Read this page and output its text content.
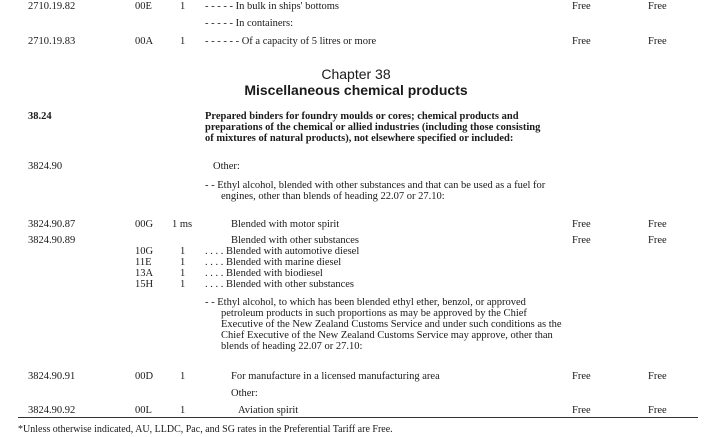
2710.19.82	00E	1 - - - - - In bulk in ships' bottoms	Free	Free
- - - - - In containers:
2710.19.83	00A	1 - - - - - - Of a capacity of 5 litres or more	Free	Free
Chapter 38
Miscellaneous chemical products
38.24	Prepared binders for foundry moulds or cores; chemical products and preparations of the chemical or allied industries (including those consisting of mixtures of natural products), not elsewhere specified or included:
3824.90	Other:
- - Ethyl alcohol, blended with other substances and that can be used as a fuel for engines, other than blends of heading 22.07 or 27.10:
3824.90.87	00G 1 ms	Blended with motor spirit	Free	Free
3824.90.89	Blended with other substances	Free	Free
10G	1 . . . . Blended with automotive diesel
11E	1 . . . . Blended with marine diesel
13A	1 . . . . Blended with biodiesel
15H	1 . . . . Blended with other substances
- - Ethyl alcohol, to which has been blended ethyl ether, benzol, or approved petroleum products in such proportions as may be approved by the Chief Executive of the New Zealand Customs Service and under such conditions as the Chief Executive of the New Zealand Customs Service may approve, other than blends of heading 22.07 or 27.10:
3824.90.91	00D	1	For manufacture in a licensed manufacturing area	Free	Free
Other:
3824.90.92	00L	1	Aviation spirit	Free	Free
*Unless otherwise indicated, AU, LLDC, Pac, and SG rates in the Preferential Tariff are Free.
